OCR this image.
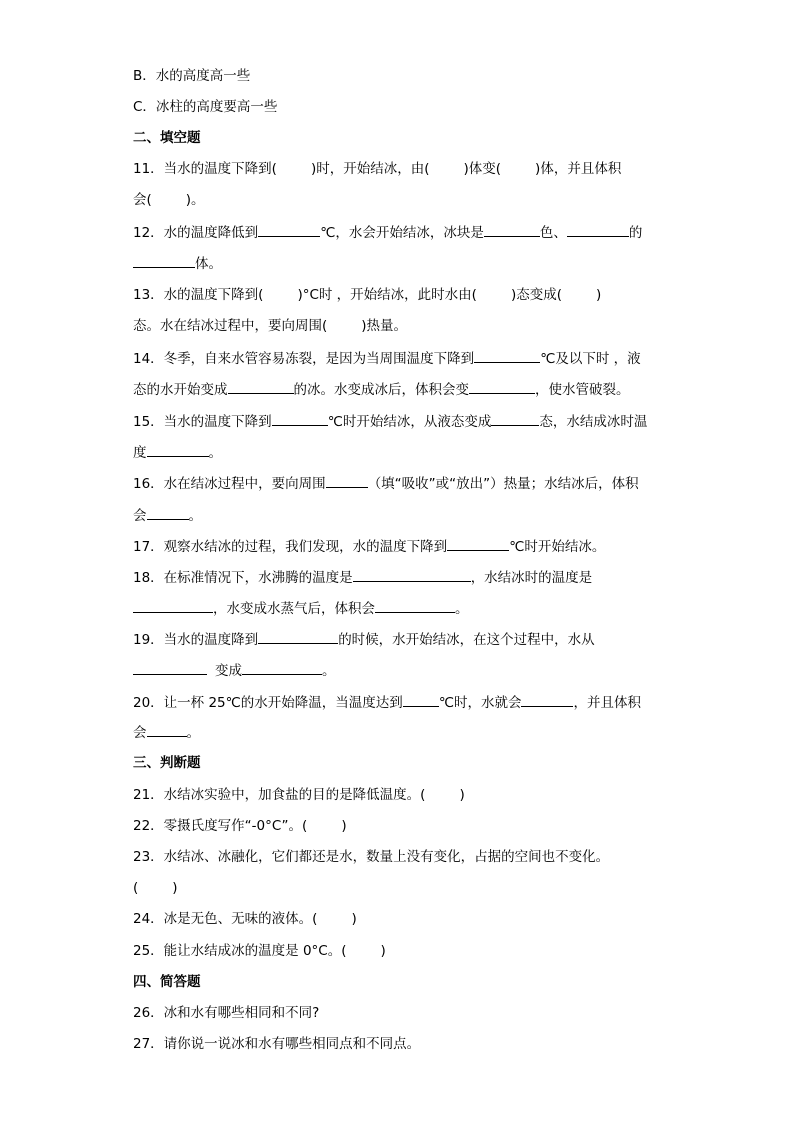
B．水的高度高一些
C．冰柱的高度要高一些
二、填空题
11．当水的温度下降到(	)时，开始结冰，由(	)体变(	)体，并且体积
会(	)。
12．水的温度降低到	℃，水会开始结冰，冰块是	色、	的
体。
13．水的温度下降到(	)°C时 ，开始结冰，此时水由(	)态变成(	)
态。水在结冰过程中，要向周围(	)热量。
14．冬季，自来水管容易冻裂，是因为当周围温度下降到	℃及以下时 ，液
态的水开始变成	的冰。水变成冰后，体积会变	，使水管破裂。
15．当水的温度下降到	℃时开始结冰，从液态变成	态，水结成冰时温
度	。
16．水在结冰过程中，要向周围	（填“吸收”或“放出”）热量；水结冰后，体积
会	。
17．观察水结冰的过程，我们发现，水的温度下降到	℃时开始结冰。
18．在标准情况下，水沸腾的温度是	，水结冰时的温度是
，水变成水蒸气后，体积会	。
19．当水的温度降到	的时候，水开始结冰，在这个过程中，水从
变成	。
20．让一杯 25℃的水开始降温，当温度达到	℃时，水就会	，并且体积
会	。
三、判断题
21．水结冰实验中，加食盐的目的是降低温度。(	)
22．零摄氏度写作“-0°C”。(	)
23．水结冰、冰融化，它们都还是水，数量上没有变化，占据的空间也不变化。
(	)
24．冰是无色、无味的液体。(	)
25．能让水结成冰的温度是 0°C。(	)
四、简答题
26．冰和水有哪些相同和不同?
27．请你说一说冰和水有哪些相同点和不同点。
